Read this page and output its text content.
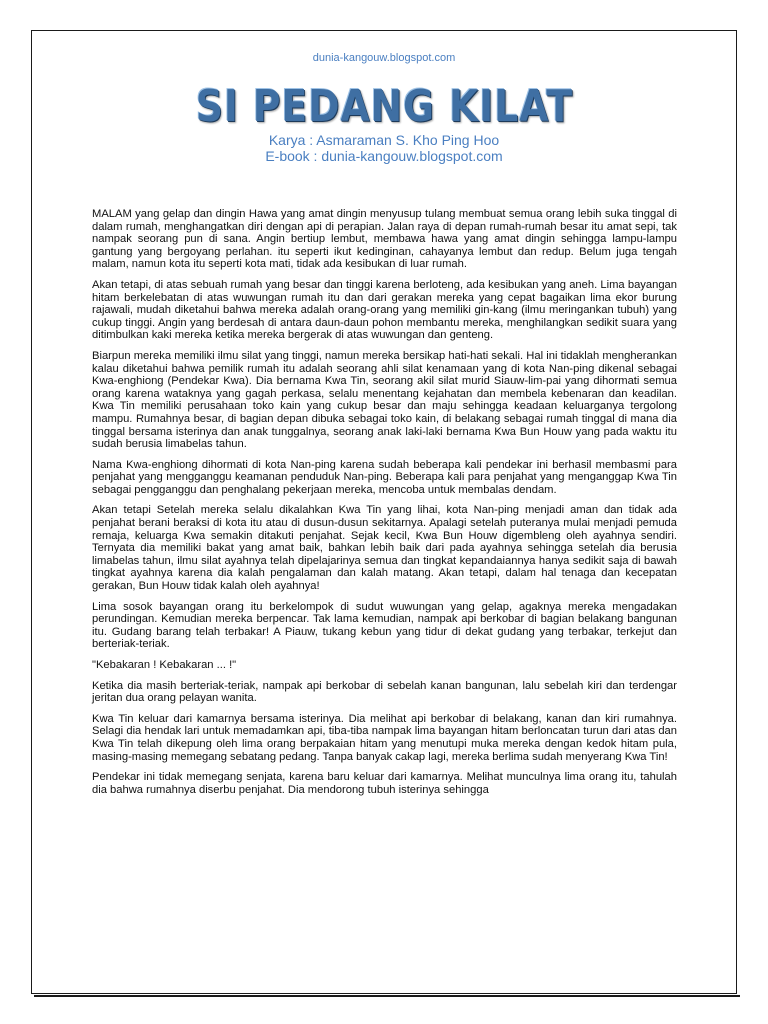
dunia-kangouw.blogspot.com
SI PEDANG KILAT
Karya : Asmaraman S. Kho Ping Hoo
E-book : dunia-kangouw.blogspot.com

MALAM yang gelap dan dingin Hawa yang amat dingin menyusup tulang membuat semua orang lebih suka tinggal di dalam rumah, menghangatkan diri dengan api di perapian. Jalan raya di depan rumah-rumah besar itu amat sepi, tak nampak seorang pun di sana. Angin bertiup lembut, membawa hawa yang amat dingin sehingga lampu-lampu gantung yang bergoyang perlahan. itu seperti ikut kedinginan, cahayanya lembut dan redup. Belum juga tengah malam, namun kota itu seperti kota mati, tidak ada kesibukan di luar rumah.

Akan tetapi, di atas sebuah rumah yang besar dan tinggi karena berloteng, ada kesibukan yang aneh. Lima bayangan hitam berkelebatan di atas wuwungan rumah itu dan dari gerakan mereka yang cepat bagaikan lima ekor burung rajawali, mudah diketahui bahwa mereka adalah orang-orang yang memiliki gin-kang (ilmu meringankan tubuh) yang cukup tinggi. Angin yang berdesah di antara daun-daun pohon membantu mereka, menghilangkan sedikit suara yang ditimbulkan kaki mereka ketika mereka bergerak di atas wuwungan dan genteng.

Biarpun mereka memiliki ilmu silat yang tinggi, namun mereka bersikap hati-hati sekali. Hal ini tidaklah mengherankan kalau diketahui bahwa pemilik rumah itu adalah seorang ahli silat kenamaan yang di kota Nan-ping dikenal sebagai Kwa-enghiong (Pendekar Kwa). Dia bernama Kwa Tin, seorang akil silat murid Siauw-lim-pai yang dihormati semua orang karena wataknya yang gagah perkasa, selalu menentang kejahatan dan membela kebenaran dan keadilan. Kwa Tin memiliki perusahaan toko kain yang cukup besar dan maju sehingga keadaan keluarganya tergolong mampu. Rumahnya besar, di bagian depan dibuka sebagai toko kain, di belakang sebagai rumah tinggal di mana dia tinggal bersama isterinya dan anak tunggalnya, seorang anak laki-laki bernama Kwa Bun Houw yang pada waktu itu sudah berusia limabelas tahun.

Nama Kwa-enghiong dihormati di kota Nan-ping karena sudah beberapa kali pendekar ini berhasil membasmi para penjahat yang mengganggu keamanan penduduk Nan-ping. Beberapa kali para penjahat yang menganggap Kwa Tin sebagai pengganggu dan penghalang pekerjaan mereka, mencoba untuk membalas dendam.

Akan tetapi Setelah mereka selalu dikalahkan Kwa Tin yang lihai, kota Nan-ping menjadi aman dan tidak ada penjahat berani beraksi di kota itu atau di dusun-dusun sekitarnya. Apalagi setelah puteranya mulai menjadi pemuda remaja, keluarga Kwa semakin ditakuti penjahat. Sejak kecil, Kwa Bun Houw digembleng oleh ayahnya sendiri. Ternyata dia memiliki bakat yang amat baik, bahkan lebih baik dari pada ayahnya sehingga setelah dia berusia limabelas tahun, ilmu silat ayahnya telah dipelajarinya semua dan tingkat kepandaiannya hanya sedikit saja di bawah tingkat ayahnya karena dia kalah pengalaman dan kalah matang. Akan tetapi, dalam hal tenaga dan kecepatan gerakan, Bun Houw tidak kalah oleh ayahnya!

Lima sosok bayangan orang itu berkelompok di sudut wuwungan yang gelap, agaknya mereka mengadakan perundingan. Kemudian mereka berpencar. Tak lama kemudian, nampak api berkobar di bagian belakang bangunan itu. Gudang barang telah terbakar! A Piauw, tukang kebun yang tidur di dekat gudang yang terbakar, terkejut dan berteriak-teriak.

"Kebakaran ! Kebakaran ... !"

Ketika dia masih berteriak-teriak, nampak api berkobar di sebelah kanan bangunan, lalu sebelah kiri dan terdengar jeritan dua orang pelayan wanita.

Kwa Tin keluar dari kamarnya bersama isterinya. Dia melihat api berkobar di belakang, kanan dan kiri rumahnya. Selagi dia hendak lari untuk memadamkan api, tiba-tiba nampak lima bayangan hitam berloncatan turun dari atas dan Kwa Tin telah dikepung oleh lima orang berpakaian hitam yang menutupi muka mereka dengan kedok hitam pula, masing-masing memegang sebatang pedang. Tanpa banyak cakap lagi, mereka berlima sudah menyerang Kwa Tin!

Pendekar ini tidak memegang senjata, karena baru keluar dari kamarnya. Melihat munculnya lima orang itu, tahulah dia bahwa rumahnya diserbu penjahat. Dia mendorong tubuh isterinya sehingga
